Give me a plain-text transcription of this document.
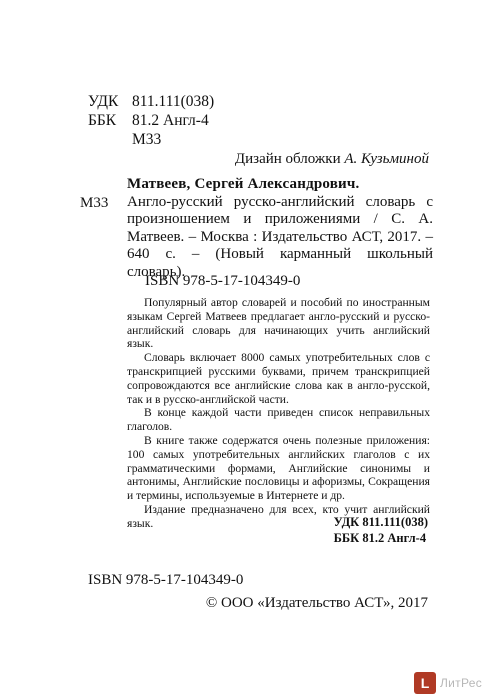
УДК 811.111(038)
ББК	81.2 Англ-4
М33
Дизайн обложки А. Кузьминой
М33
Матвеев, Сергей Александрович.
Англо-русский русско-английский словарь с произношением и приложениями / С. А. Матвеев. – Москва : Издательство АСТ, 2017. – 640 с. – (Новый карманный школьный словарь).
ISBN 978-5-17-104349-0

Популярный автор словарей и пособий по иностранным языкам Сергей Матвеев предлагает англо-русский и русско-английский словарь для начинающих учить английский язык.

Словарь включает 8000 самых употребительных слов с транскрипцией русскими буквами, причем транскрипцией сопровождаются все английские слова как в англо-русской, так и в русско-английской части.

В конце каждой части приведен список неправильных глаголов.

В книге также содержатся очень полезные приложения: 100 самых употребительных английских глаголов с их грамматическими формами, Английские синонимы и антонимы, Английские пословицы и афоризмы, Сокращения и термины, используемые в Интернете и др.

Издание предназначено для всех, кто учит английский язык.	УДК 811.111(038)
ББК 81.2 Англ-4
ISBN 978-5-17-104349-0
© ООО «Издательство АСТ», 2017
L ЛитРес
